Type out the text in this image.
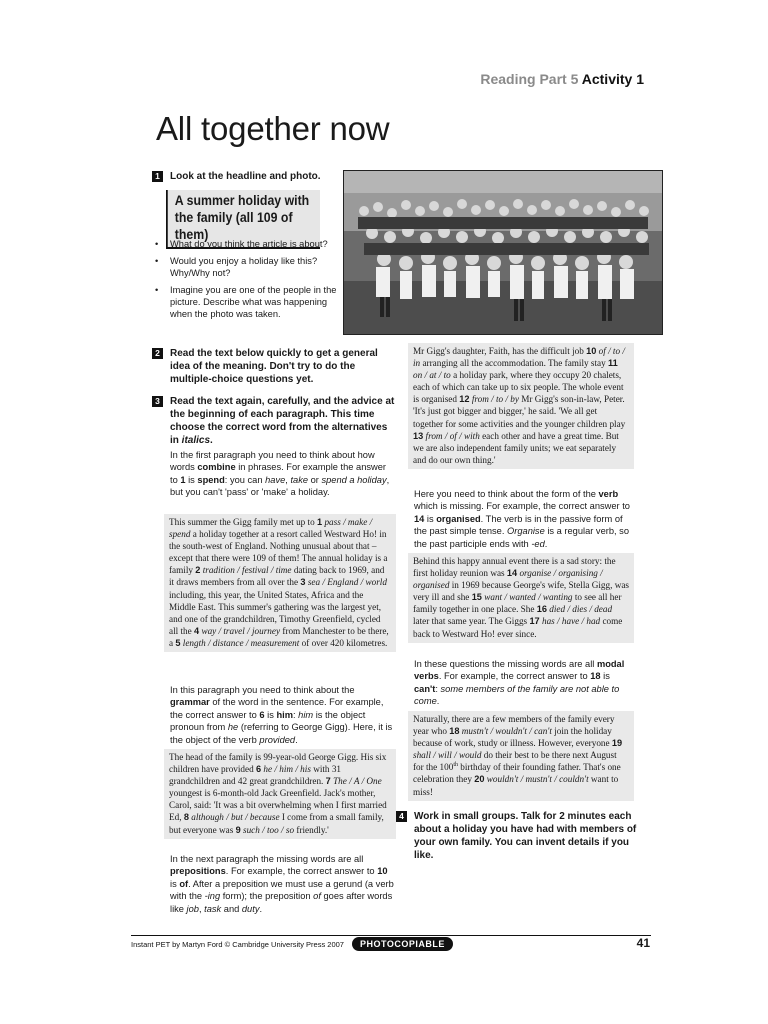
Reading Part 5 Activity 1
All together now
1	Look at the headline and photo.
A summer holiday with the family (all 109 of them)
• What do you think the article is about?
• Would you enjoy a holiday like this? Why/Why not?
• Imagine you are one of the people in the picture. Describe what was happening when the photo was taken.
2	Read the text below quickly to get a general idea of the meaning. Don't try to do the multiple-choice questions yet.
3	Read the text again, carefully, and the advice at the beginning of each paragraph. This time choose the correct word from the alternatives in italics.
In the first paragraph you need to think about how words combine in phrases. For example the answer to 1 is spend: you can have, take or spend a holiday, but you can't 'pass' or 'make' a holiday.
This summer the Gigg family met up to 1 pass / make / spend a holiday together at a resort called Westward Ho! in the south-west of England. Nothing unusual about that – except that there were 109 of them! The annual holiday is a family 2 tradition / festival / time dating back to 1969, and it draws members from all over the 3 sea / England / world including, this year, the United States, Africa and the Middle East. This summer's gathering was the largest yet, and one of the grandchildren, Timothy Greenfield, cycled all the 4 way / travel / journey from Manchester to be there, a 5 length / distance / measurement of over 420 kilometres.
In this paragraph you need to think about the grammar of the word in the sentence. For example, the correct answer to 6 is him: him is the object pronoun from he (referring to George Gigg). Here, it is the object of the verb provided.
The head of the family is 99-year-old George Gigg. His six children have provided 6 he / him / his with 31 grandchildren and 42 great grandchildren. 7 The / A / One youngest is 6-month-old Jack Greenfield. Jack's mother, Carol, said: 'It was a bit overwhelming when I first married Ed, 8 although / but / because I come from a small family, but everyone was 9 such / too / so friendly.'
In the next paragraph the missing words are all prepositions. For example, the correct answer to 10 is of. After a preposition we must use a gerund (a verb with the -ing form); the preposition of goes after words like job, task and duty.
Mr Gigg's daughter, Faith, has the difficult job 10 of / to / in arranging all the accommodation. The family stay 11 on / at / to a holiday park, where they occupy 20 chalets, each of which can take up to six people. The whole event is organised 12 from / to / by Mr Gigg's son-in-law, Peter. 'It's just got bigger and bigger,' he said. 'We all get together for some activities and the younger children play 13 from / of / with each other and have a great time. But we are also independent family units; we eat separately and do our own thing.'
Here you need to think about the form of the verb which is missing. For example, the correct answer to 14 is organised. The verb is in the passive form of the past simple tense. Organise is a regular verb, so the past participle ends with -ed.
Behind this happy annual event there is a sad story: the first holiday reunion was 14 organise / organising / organised in 1969 because George's wife, Stella Gigg, was very ill and she 15 want / wanted / wanting to see all her family together in one place. She 16 died / dies / dead later that same year. The Giggs 17 has / have / had come back to Westward Ho! ever since.
In these questions the missing words are all modal verbs. For example, the correct answer to 18 is can't: some members of the family are not able to come.
Naturally, there are a few members of the family every year who 18 mustn't / wouldn't / can't join the holiday because of work, study or illness. However, everyone 19 shall / will / would do their best to be there next August for the 100th birthday of their founding father. That's one celebration they 20 wouldn't / mustn't / couldn't want to miss!
4	Work in small groups. Talk for 2 minutes each about a holiday you have had with members of your own family. You can invent details if you like.
Instant PET by Martyn Ford © Cambridge University Press 2007	PHOTOCOPIABLE	41
